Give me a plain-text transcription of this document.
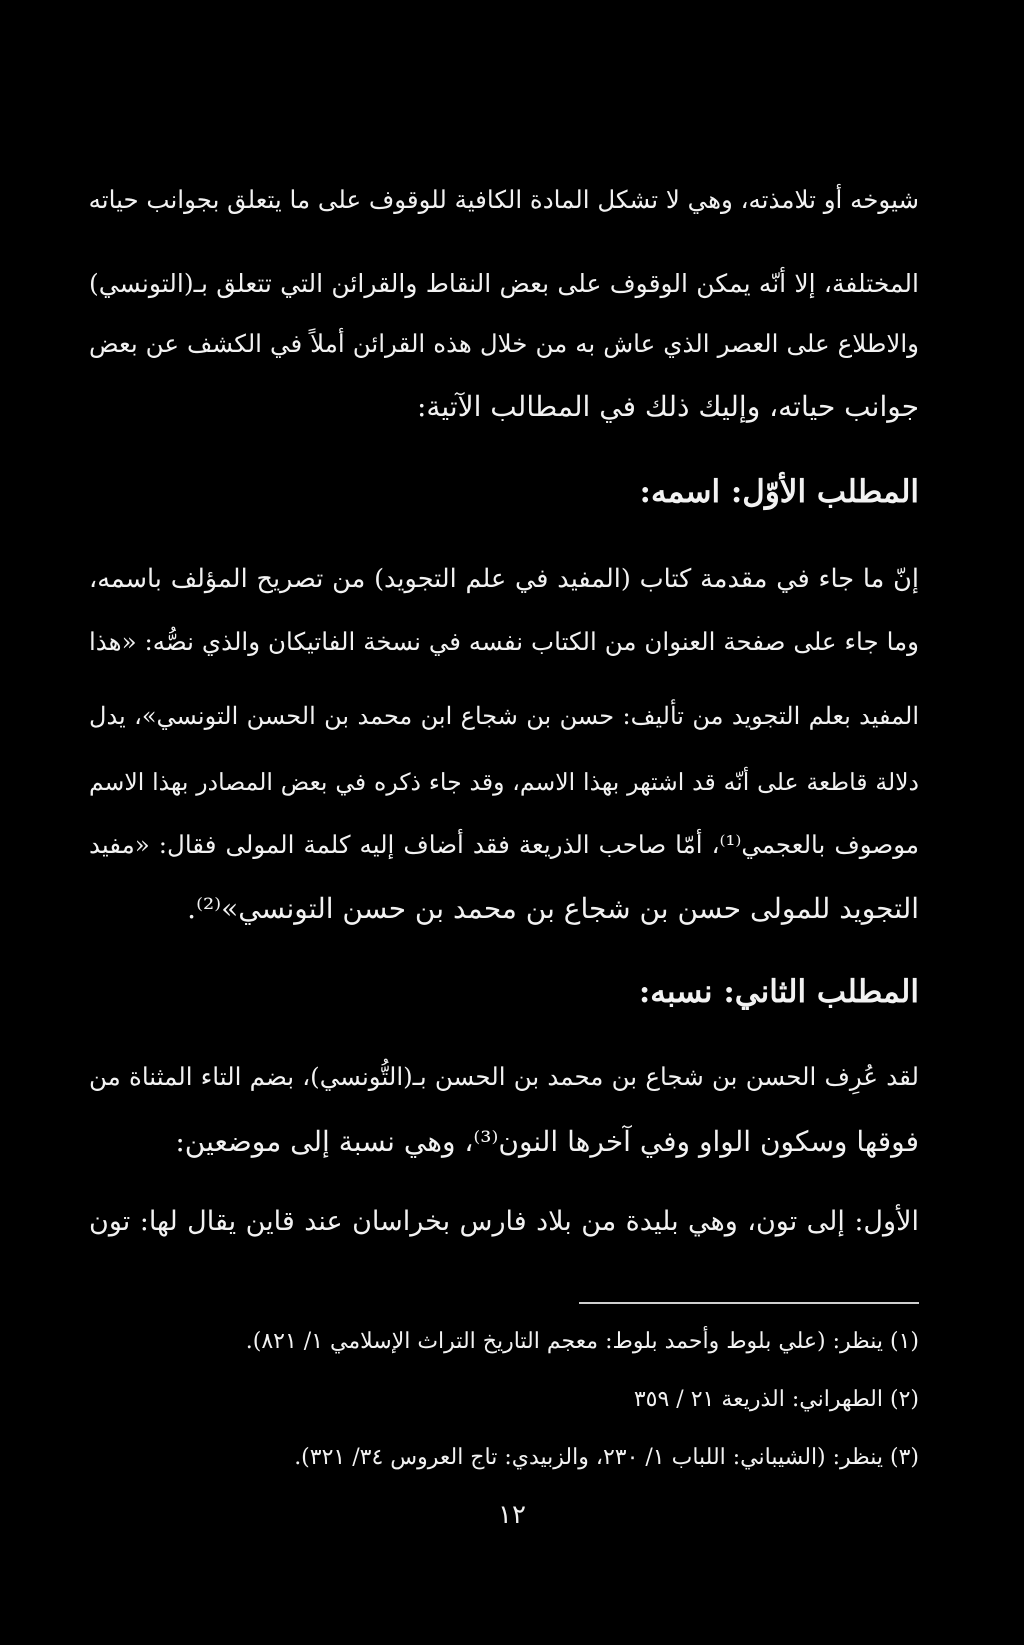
شيوخه أو تلامذته، وهي لا تشكل المادة الكافية للوقوف على ما يتعلق بجوانب حياته
المختلفة، إلا أنّه يمكن الوقوف على بعض النقاط والقرائن التي تتعلق بـ(التونسي)
والاطلاع على العصر الذي عاش به من خلال هذه القرائن أملاً في الكشف عن بعض
جوانب حياته، وإليك ذلك في المطالب الآتية:
المطلب الأوّل: اسمه:
إنّ ما جاء في مقدمة كتاب (المفيد في علم التجويد) من تصريح المؤلف باسمه،
وما جاء على صفحة العنوان من الكتاب نفسه في نسخة الفاتيكان والذي نصُّه: «هذا
المفيد بعلم التجويد من تأليف: حسن بن شجاع ابن محمد بن الحسن التونسي»، يدل
دلالة قاطعة على أنّه قد اشتهر بهذا الاسم، وقد جاء ذكره في بعض المصادر بهذا الاسم
موصوف بالعجمي⁽¹⁾، أمّا صاحب الذريعة فقد أضاف إليه كلمة المولى فقال: «مفيد
التجويد للمولى حسن بن شجاع بن محمد بن حسن التونسي»⁽²⁾.
المطلب الثاني: نسبه:
لقد عُرِف الحسن بن شجاع بن محمد بن الحسن بـ(التُّونسي)، بضم التاء المثناة من
فوقها وسكون الواو وفي آخرها النون⁽³⁾، وهي نسبة إلى موضعين:
الأول: إلى تون، وهي بليدة من بلاد فارس بخراسان عند قاين يقال لها: تون
(١) ينظر: (علي بلوط وأحمد بلوط: معجم التاريخ التراث الإسلامي ١/ ٨٢١).
(٢) الطهراني: الذريعة ٢١ / ٣٥٩
(٣) ينظر: (الشيباني: اللباب ١/ ٢٣٠، والزبيدي: تاج العروس ٣٤/ ٣٢١).
١٢
